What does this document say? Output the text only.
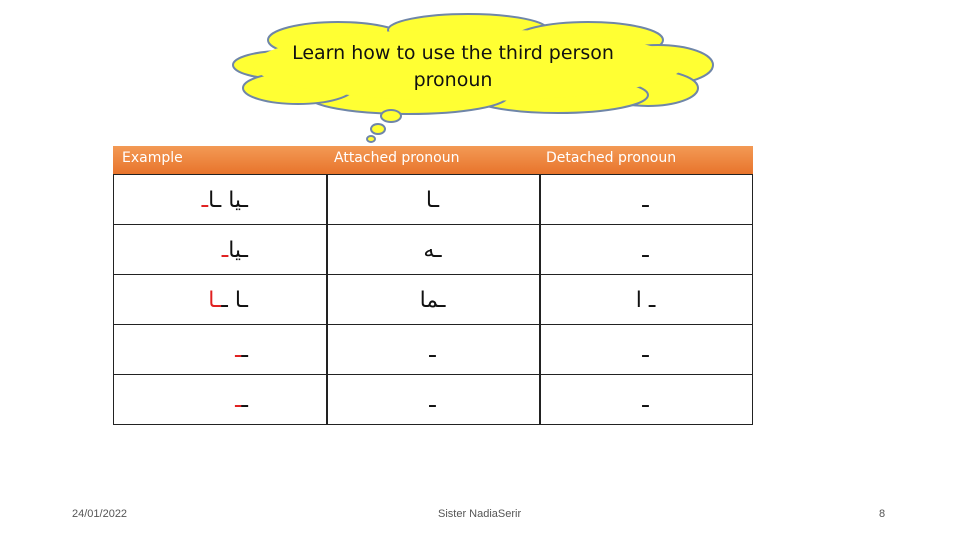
Learn how to use the third person pronoun
Example	Attached pronoun	Detached pronoun
ـ ـيا ـا	ـا	ـ
ـ ـيا	ـه	ـ
ـا ـا ـ	ـما	ـ ا
ـ ـ	ـ	ـ
ـ ـ	ـ	ـ
24/01/2022	Sister NadiaSerir	8
